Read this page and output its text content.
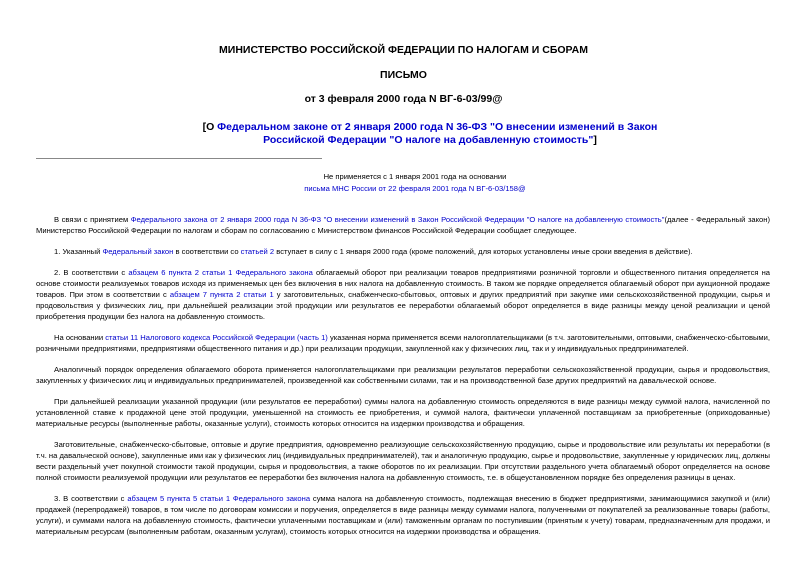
МИНИСТЕРСТВО РОССИЙСКОЙ ФЕДЕРАЦИИ ПО НАЛОГАМ И СБОРАМ
ПИСЬМО
от 3 февраля 2000 года N ВГ-6-03/99@
[О Федеральном законе от 2 января 2000 года N 36-ФЗ "О внесении изменений в Закон Российской Федерации "О налоге на добавленную стоимость"]
Не применяется с 1 января 2001 года на основании
письма МНС России от 22 февраля 2001 года N ВГ-6-03/158@

В связи с принятием Федерального закона от 2 января 2000 года N 36-ФЗ "О внесении изменений в Закон Российской Федерации "О налоге на добавленную стоимость"(далее - Федеральный закон) Министерство Российской Федерации по налогам и сборам по согласованию с Министерством финансов Российской Федерации сообщает следующее.

1. Указанный Федеральный закон в соответствии со статьей 2 вступает в силу с 1 января 2000 года (кроме положений, для которых установлены иные сроки введения в действие).

2. В соответствии с абзацем 6 пункта 2 статьи 1 Федерального закона облагаемый оборот при реализации товаров предприятиями розничной торговли и общественного питания определяется на основе стоимости реализуемых товаров исходя из применяемых цен без включения в них налога на добавленную стоимость. В таком же порядке определяется облагаемый оборот при аукционной продаже товаров. При этом в соответствии с абзацем 7 пункта 2 статьи 1 у заготовительных, снабженческо-сбытовых, оптовых и других предприятий при закупке ими сельскохозяйственной продукции, сырья и продовольствия у физических лиц, при дальнейшей реализации этой продукции или результатов ее переработки облагаемый оборот определяется в виде разницы между ценой реализации и ценой приобретения продукции без налога на добавленную стоимость.

На основании статьи 11 Налогового кодекса Российской Федерации (часть 1) указанная норма применяется всеми налогоплательщиками (в т.ч. заготовительными, оптовыми, снабженческо-сбытовыми, розничными предприятиями, предприятиями общественного питания и др.) при реализации продукции, закупленной как у физических лиц, так и у индивидуальных предпринимателей.

Аналогичный порядок определения облагаемого оборота применяется налогоплательщиками при реализации результатов переработки сельскохозяйственной продукции, сырья и продовольствия, закупленных у физических лиц и индивидуальных предпринимателей, произведенной как собственными силами, так и на производственной базе других предприятий на давальческой основе.

При дальнейшей реализации указанной продукции (или результатов ее переработки) суммы налога на добавленную стоимость определяются в виде разницы между суммой налога, начисленной по установленной ставке к продажной цене этой продукции, уменьшенной на стоимость ее приобретения, и суммой налога, фактически уплаченной поставщикам за приобретенные (оприходованные) материальные ресурсы (выполненные работы, оказанные услуги), стоимость которых относится на издержки производства и обращения.

Заготовительные, снабженческо-сбытовые, оптовые и другие предприятия, одновременно реализующие сельскохозяйственную продукцию, сырье и продовольствие или результаты их переработки (в т.ч. на давальческой основе), закупленные ими как у физических лиц (индивидуальных предпринимателей), так и аналогичную продукцию, сырье и продовольствие, закупленные у юридических лиц, должны вести раздельный учет покупной стоимости такой продукции, сырья и продовольствия, а также оборотов по их реализации. При отсутствии раздельного учета облагаемый оборот определяется на основе полной стоимости реализуемой продукции или результатов ее переработки без включения налога на добавленную стоимость, т.е. в общеустановленном порядке без определения разницы в ценах.

3. В соответствии с абзацем 5 пункта 5 статьи 1 Федерального закона сумма налога на добавленную стоимость, подлежащая внесению в бюджет предприятиями, занимающимися закупкой и (или) продажей (перепродажей) товаров, в том числе по договорам комиссии и поручения, определяется в виде разницы между суммами налога, полученными от покупателей за реализованные товары (работы, услуги), и суммами налога на добавленную стоимость, фактически уплаченными поставщикам и (или) таможенным органам по поступившим (принятым к учету) товарам, предназначенным для продажи, и материальным ресурсам (выполненным работам, оказанным услугам), стоимость которых относится на издержки производства и обращения.
